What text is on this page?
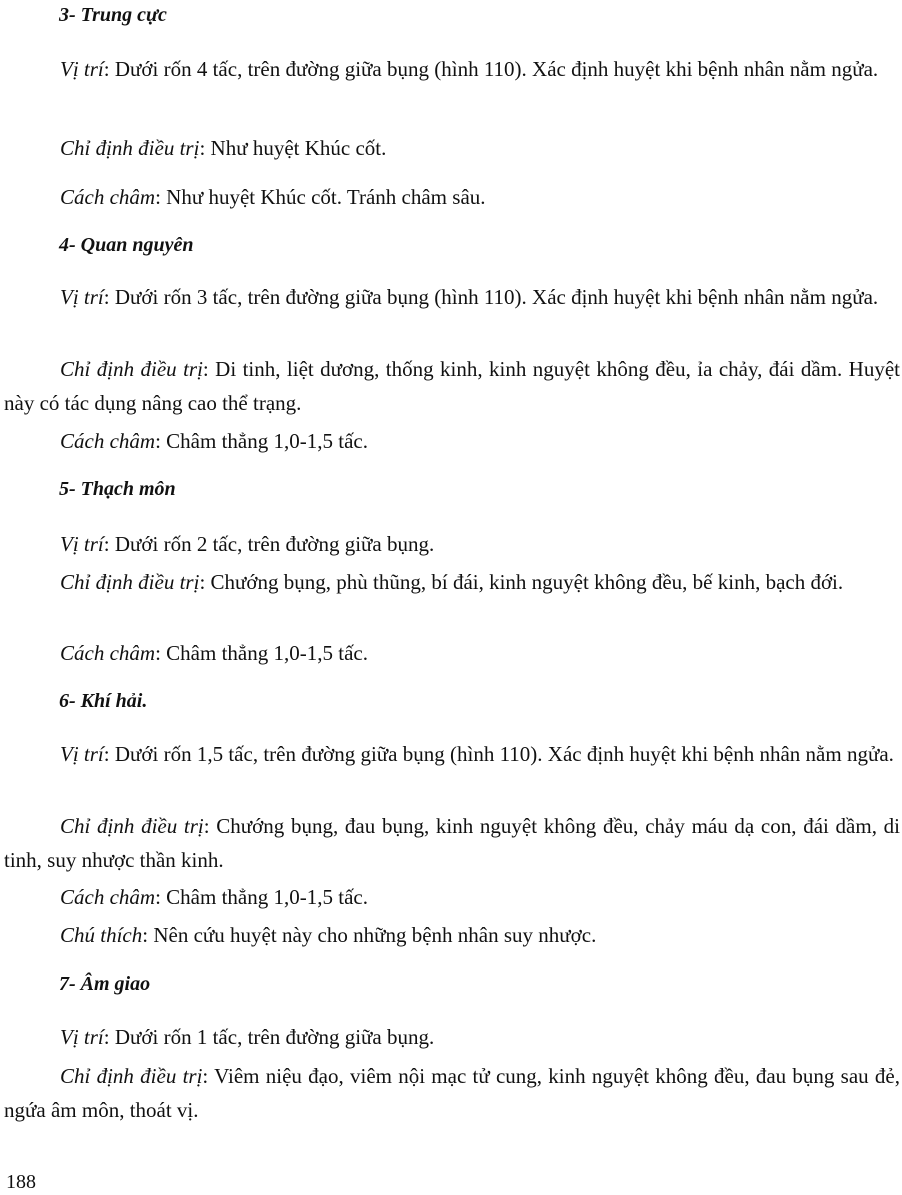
3- Trung cực

Vị trí: Dưới rốn 4 tấc, trên đường giữa bụng (hình 110). Xác định huyệt khi bệnh nhân nằm ngửa.

Chỉ định điều trị: Như huyệt Khúc cốt.

Cách châm: Như huyệt Khúc cốt. Tránh châm sâu.

4- Quan nguyên

Vị trí: Dưới rốn 3 tấc, trên đường giữa bụng (hình 110). Xác định huyệt khi bệnh nhân nằm ngửa.

Chỉ định điều trị: Di tinh, liệt dương, thống kinh, kinh nguyệt không đều, ỉa chảy, đái dầm. Huyệt này có tác dụng nâng cao thể trạng.

Cách châm: Châm thẳng 1,0-1,5 tấc.

5- Thạch môn

Vị trí: Dưới rốn 2 tấc, trên đường giữa bụng.

Chỉ định điều trị: Chướng bụng, phù thũng, bí đái, kinh nguyệt không đều, bế kinh, bạch đới.

Cách châm: Châm thẳng 1,0-1,5 tấc.

6- Khí hải.

Vị trí: Dưới rốn 1,5 tấc, trên đường giữa bụng (hình 110). Xác định huyệt khi bệnh nhân nằm ngửa.

Chỉ định điều trị: Chướng bụng, đau bụng, kinh nguyệt không đều, chảy máu dạ con, đái dầm, di tinh, suy nhược thần kinh.

Cách châm: Châm thẳng 1,0-1,5 tấc.

Chú thích: Nên cứu huyệt này cho những bệnh nhân suy nhược.

7- Âm giao

Vị trí: Dưới rốn 1 tấc, trên đường giữa bụng.

Chỉ định điều trị: Viêm niệu đạo, viêm nội mạc tử cung, kinh nguyệt không đều, đau bụng sau đẻ, ngứa âm môn, thoát vị.

188
